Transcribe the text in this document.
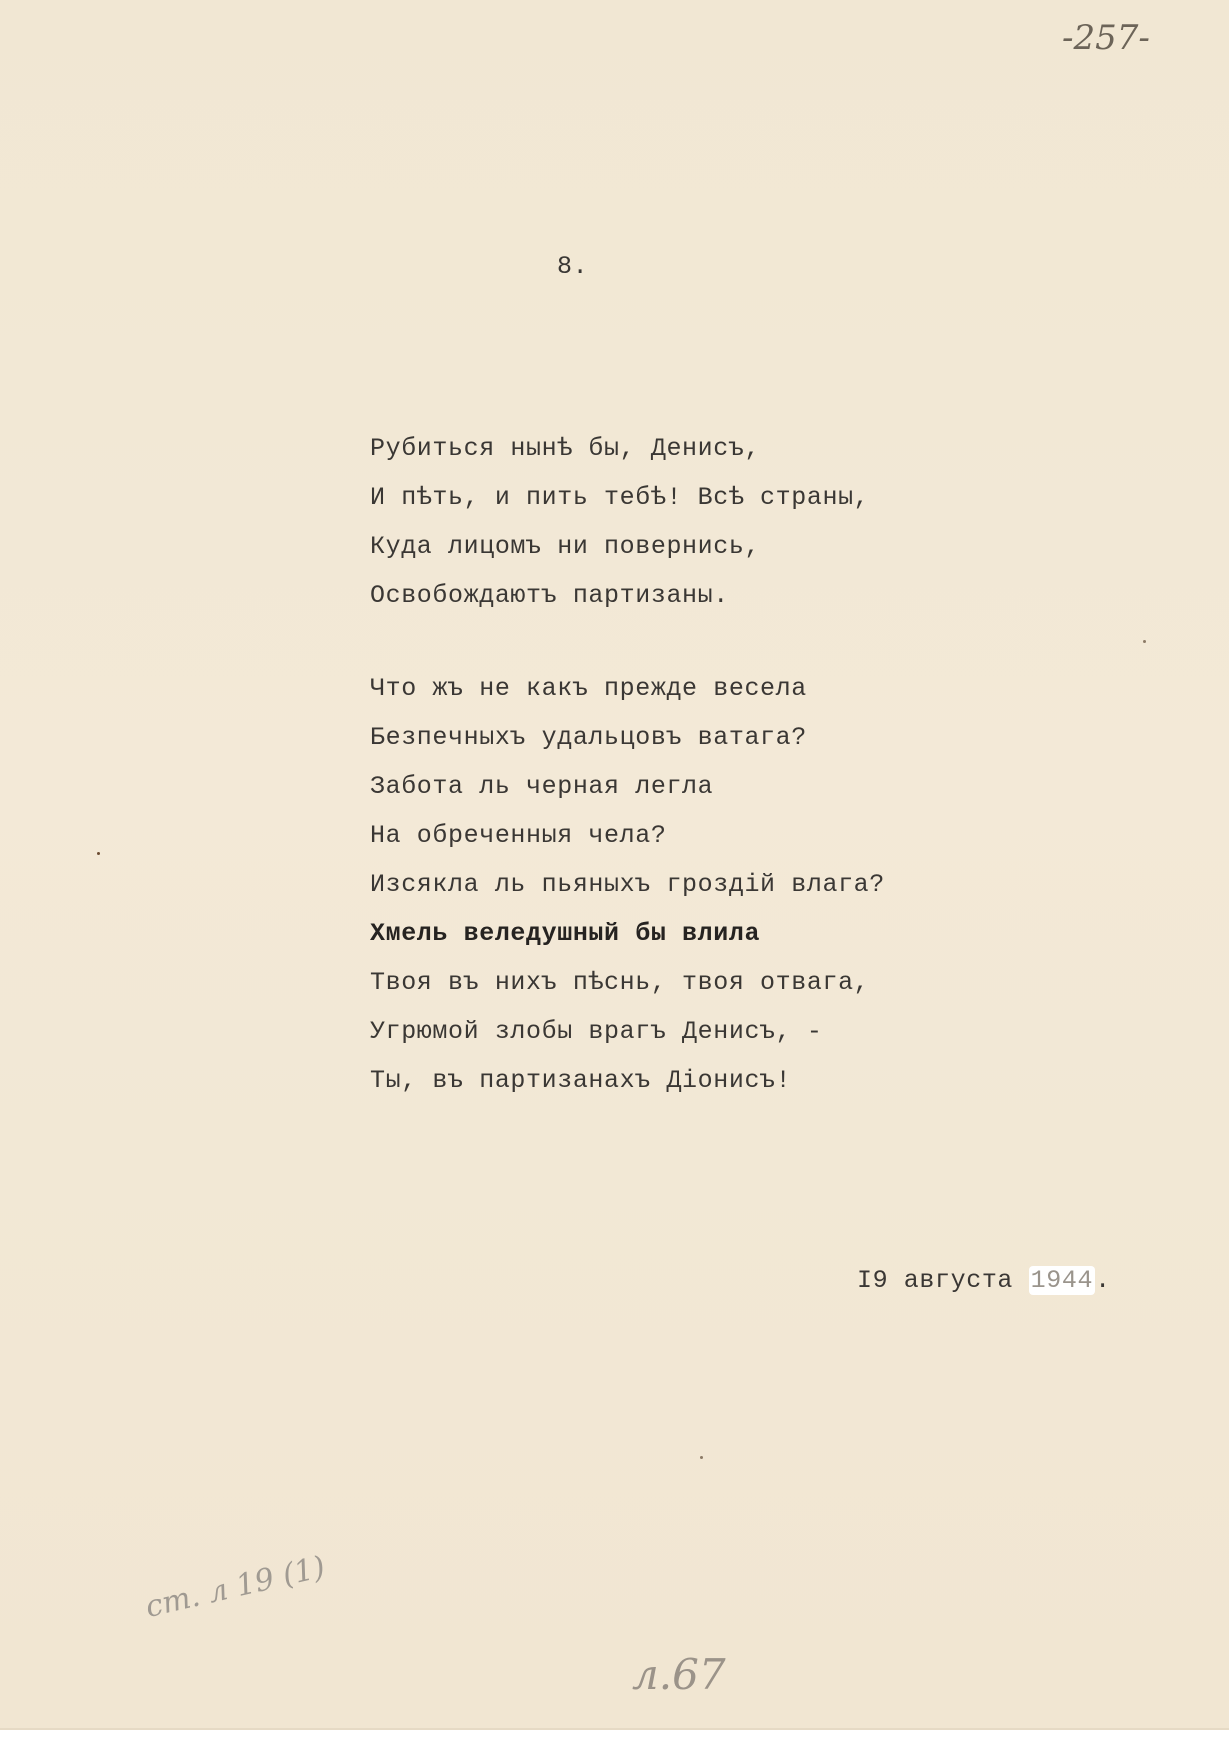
-257-
8.

Рубиться нынѣ бы, Денисъ,

И пѣть, и пить тебѣ! Всѣ страны,

Куда лицомъ ни повернись,

Освобождаютъ партизаны.

Что жъ не какъ прежде весела

Безпечныхъ удальцовъ ватага?

Забота ль черная легла

На обреченныя чела?

Изсякла ль пьяныхъ гроздій влага?

Хмель веледушный бы влила

Твоя въ нихъ пѣснь, твоя отвага,

Угрюмой злобы врагъ Денисъ, -

Ты, въ партизанахъ Діонисъ!

I9 августа 1944.
ст. л 19 (1)
л.67
